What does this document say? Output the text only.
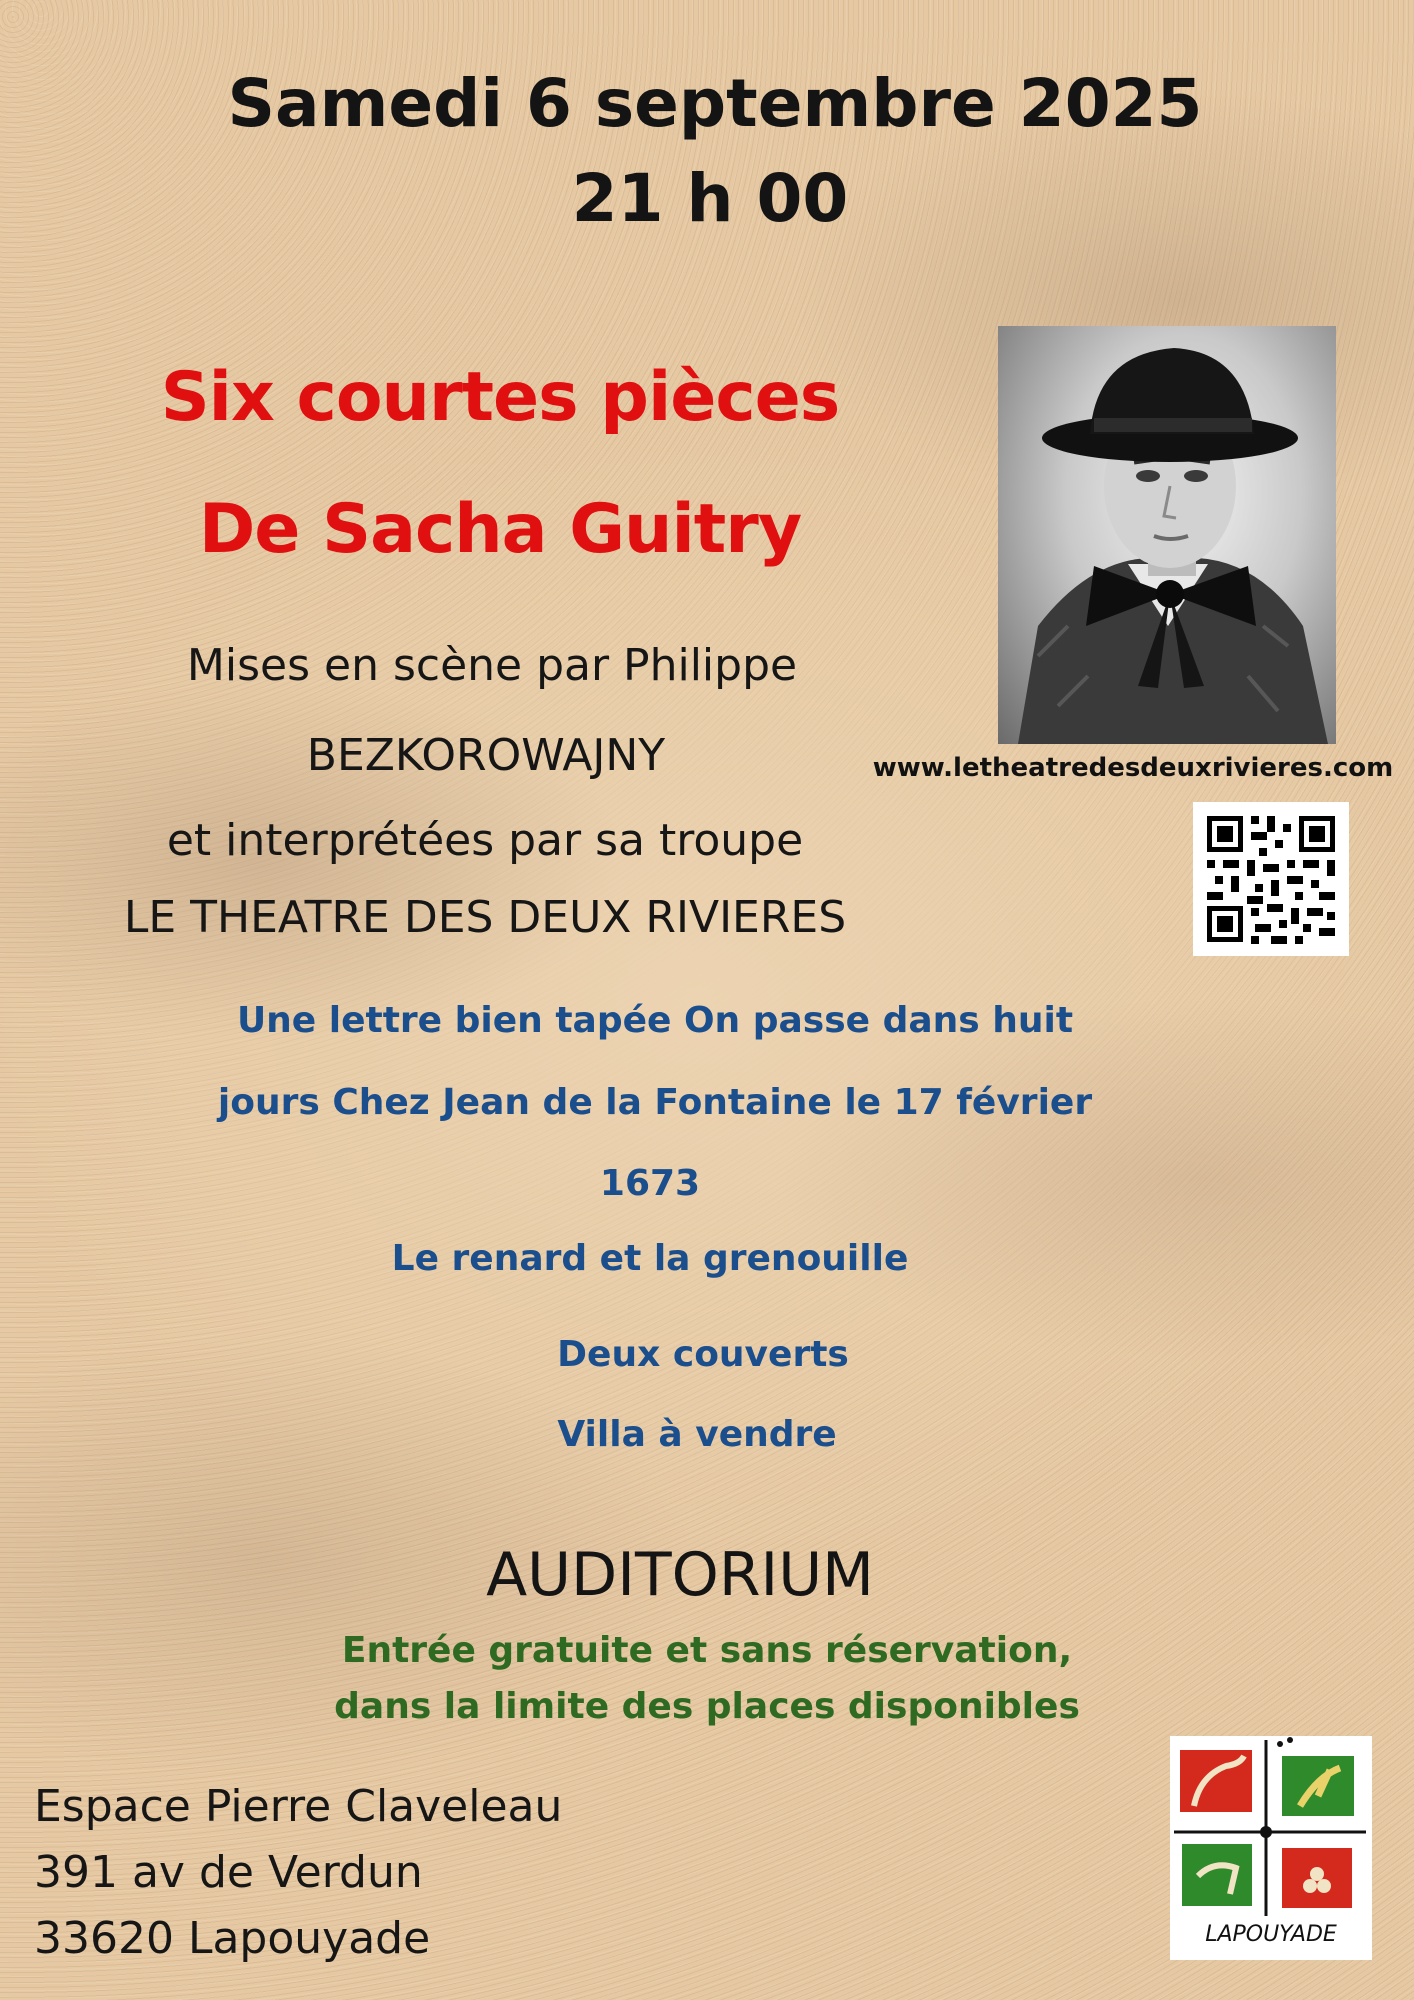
Samedi 6 septembre 2025
21 h 00
Six courtes pièces
De Sacha Guitry

Mises en scène par Philippe

BEZKOROWAJNY

et interprétées par sa troupe

LE THEATRE DES DEUX RIVIERES

Une lettre bien tapée On passe dans huit

jours Chez Jean de la Fontaine le 17 février

1673

Le renard et la grenouille

Deux couverts

Villa à vendre

AUDITORIUM

Entrée gratuite et sans réservation,

dans la limite des places disponibles

Espace Pierre Claveleau

391 av de Verdun

33620 Lapouyade

www.letheatredesdeuxrivieres.com

LAPOUYADE
